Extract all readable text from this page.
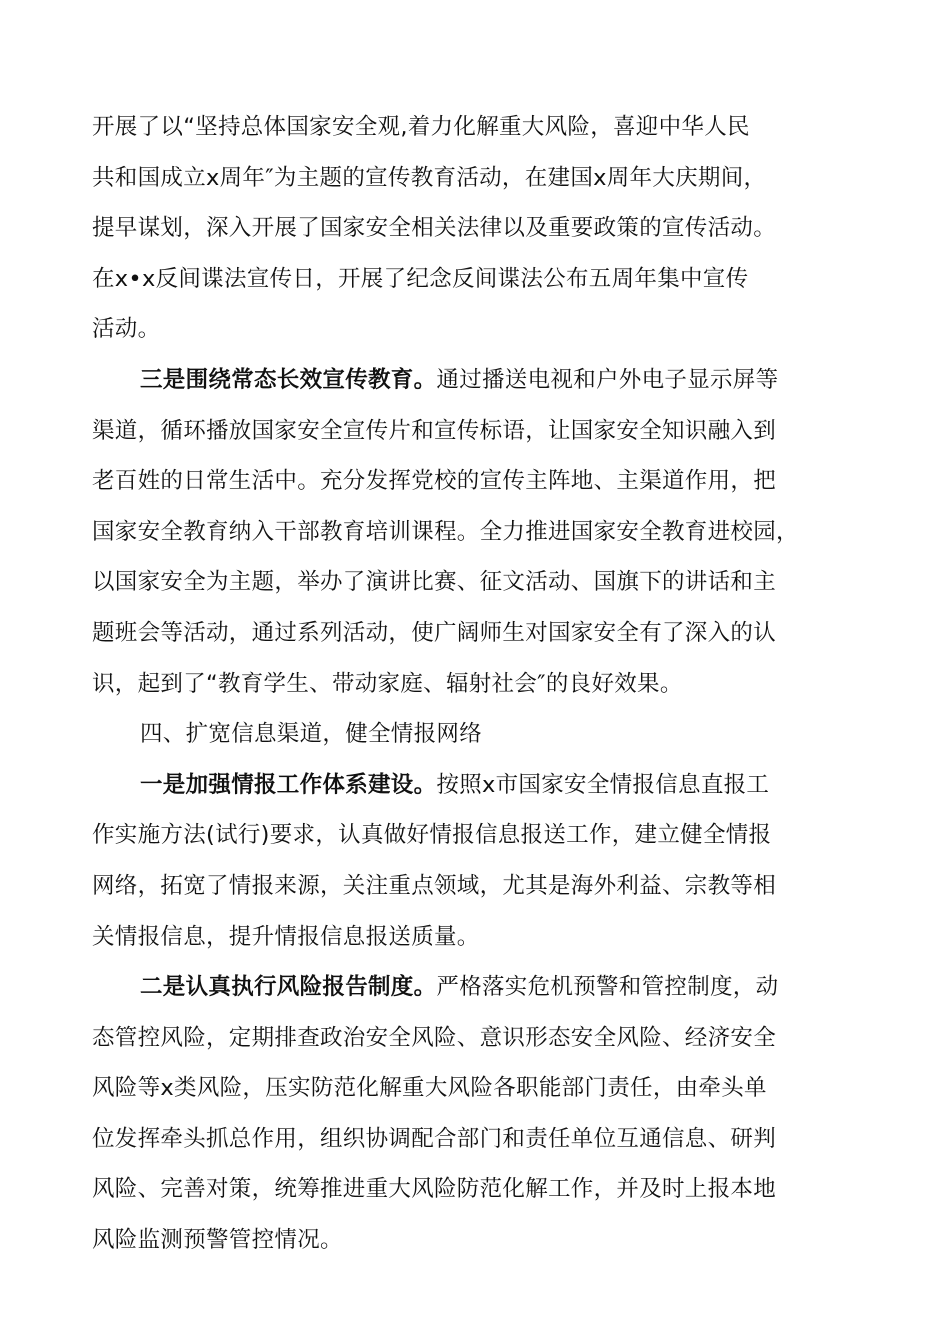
开展了以“坚持总体国家安全观,着力化解重大风险，喜迎中华人民
共和国成立x周年″为主题的宣传教育活动，在建国x周年大庆期间，
提早谋划，深入开展了国家安全相关法律以及重要政策的宣传活动。
在x•x反间谍法宣传日，开展了纪念反间谍法公布五周年集中宣传
活动。
三是围绕常态长效宣传教育。通过播送电视和户外电子显示屏等
渠道，循环播放国家安全宣传片和宣传标语，让国家安全知识融入到
老百姓的日常生活中。充分发挥党校的宣传主阵地、主渠道作用，把
国家安全教育纳入干部教育培训课程。全力推进国家安全教育进校园，
以国家安全为主题，举办了演讲比赛、征文活动、国旗下的讲话和主
题班会等活动，通过系列活动，使广阔师生对国家安全有了深入的认
识，起到了“教育学生、带动家庭、辐射社会″的良好效果。
四、扩宽信息渠道，健全情报网络
一是加强情报工作体系建设。按照x市国家安全情报信息直报工
作实施方法(试行)要求，认真做好情报信息报送工作，建立健全情报
网络，拓宽了情报来源，关注重点领域，尤其是海外利益、宗教等相
关情报信息，提升情报信息报送质量。
二是认真执行风险报告制度。严格落实危机预警和管控制度，动
态管控风险，定期排查政治安全风险、意识形态安全风险、经济安全
风险等x类风险，压实防范化解重大风险各职能部门责任，由牵头单
位发挥牵头抓总作用，组织协调配合部门和责任单位互通信息、研判
风险、完善对策，统筹推进重大风险防范化解工作，并及时上报本地
风险监测预警管控情况。
